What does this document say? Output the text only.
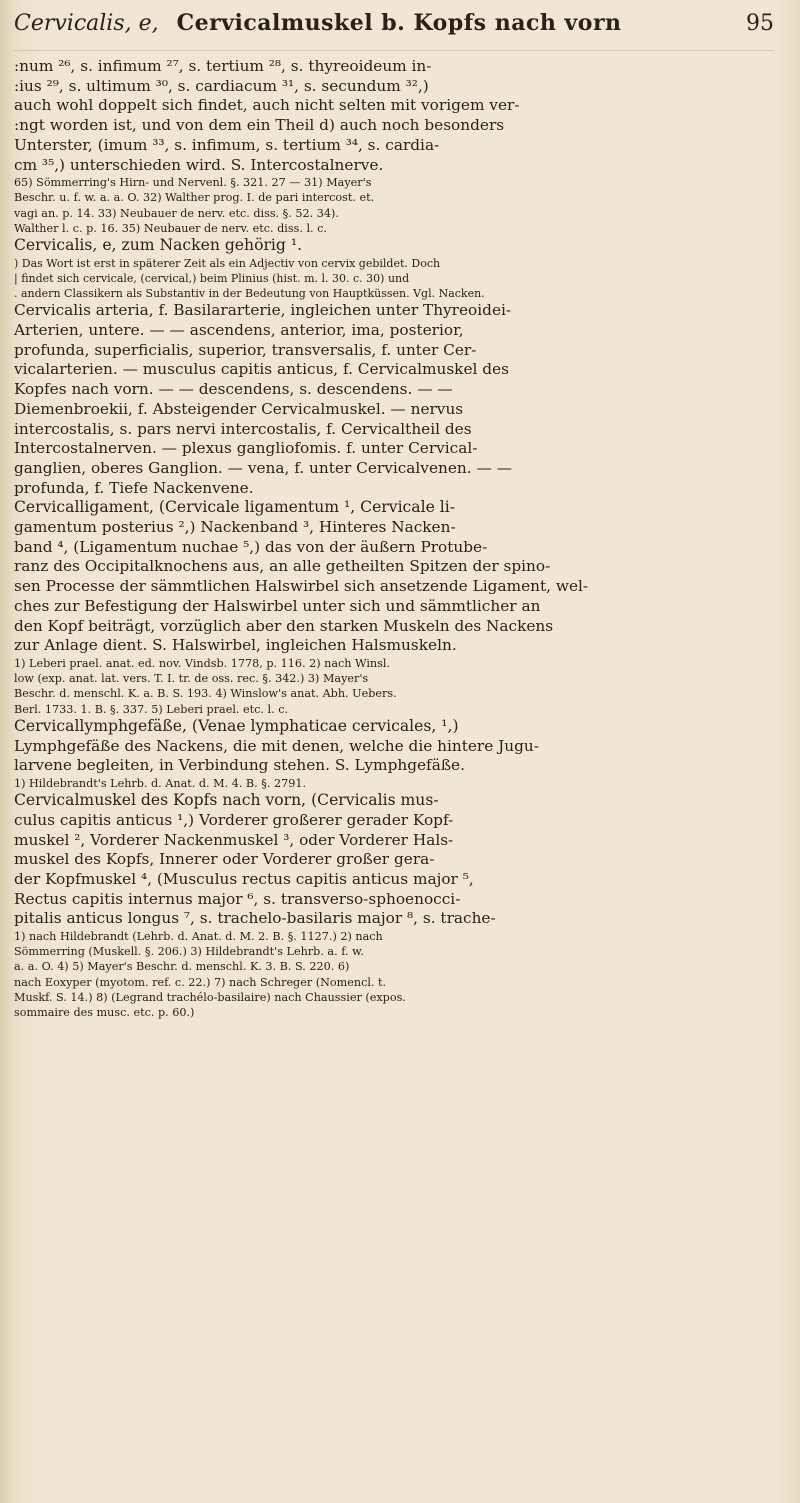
Cervicalis, e, Cervicalmuskel b. Kopfs nach vorn	95

:num ²⁶, s. infimum ²⁷, s. tertium ²⁸, s. thyreoideum in-

:ius ²⁹, s. ultimum ³⁰, s. cardiacum ³¹, s. secundum ³²,)

auch wohl doppelt sich findet, auch nicht selten mit vorigem ver-

:ngt worden ist, und von dem ein Theil d) auch noch besonders

Unterster, (imum ³³, s. infimum, s. tertium ³⁴, s. cardia-

cm ³⁵,) unterschieden wird. S. Intercostalnerve.

65) Sömmerring's Hirn- und Nervenl. §. 321. 27 — 31) Mayer's

Beschr. u. f. w. a. a. O. 32) Walther prog. I. de pari intercost. et.

vagi an. p. 14. 33) Neubauer de nerv. etc. diss. §. 52. 34).

Walther l. c. p. 16. 35) Neubauer de nerv. etc. diss. l. c.

Cervicalis, e, zum Nacken gehörig ¹.

) Das Wort ist erst in späterer Zeit als ein Adjectiv von cervix gebildet. Doch

| findet sich cervicale, (cervical,) beim Plinius (hist. m. l. 30. c. 30) und

. andern Classikern als Substantiv in der Bedeutung von Hauptküssen. Vgl. Nacken.

Cervicalis arteria, f. Basilararterie, ingleichen unter Thyreoidei-

Arterien, untere. — — ascendens, anterior, ima, posterior,

profunda, superficialis, superior, transversalis, f. unter Cer-

vicalarterien. — musculus capitis anticus, f. Cervicalmuskel des

Kopfes nach vorn. — — descendens, s. descendens. — —

Diemenbroekii, f. Absteigender Cervicalmuskel. — nervus

intercostalis, s. pars nervi intercostalis, f. Cervicaltheil des

Intercostalnerven. — plexus gangliofomis. f. unter Cervical-

ganglien, oberes Ganglion. — vena, f. unter Cervicalvenen. — —

profunda, f. Tiefe Nackenvene.

Cervicalligament, (Cervicale ligamentum ¹, Cervicale li-

gamentum posterius ²,) Nackenband ³, Hinteres Nacken-

band ⁴, (Ligamentum nuchae ⁵,) das von der äußern Protube-

ranz des Occipitalknochens aus, an alle getheilten Spitzen der spino-

sen Processe der sämmtlichen Halswirbel sich ansetzende Ligament, wel-

ches zur Befestigung der Halswirbel unter sich und sämmtlicher an

den Kopf beiträgt, vorzüglich aber den starken Muskeln des Nackens

zur Anlage dient. S. Halswirbel, ingleichen Halsmuskeln.

1) Leberi prael. anat. ed. nov. Vindsb. 1778, p. 116. 2) nach Winsl.

low (exp. anat. lat. vers. T. I. tr. de oss. rec. §. 342.) 3) Mayer's

Beschr. d. menschl. K. a. B. S. 193. 4) Winslow's anat. Abh. Uebers.

Berl. 1733. 1. B. §. 337. 5) Leberi prael. etc. l. c.

Cervicallymphgefäße, (Venae lymphaticae cervicales, ¹,)

Lymphgefäße des Nackens, die mit denen, welche die hintere Jugu-

larvene begleiten, in Verbindung stehen. S. Lymphgefäße.

1) Hildebrandt's Lehrb. d. Anat. d. M. 4. B. §. 2791.

Cervicalmuskel des Kopfs nach vorn, (Cervicalis mus-

culus capitis anticus ¹,) Vorderer großerer gerader Kopf-

muskel ², Vorderer Nackenmuskel ³, oder Vorderer Hals-

muskel des Kopfs, Innerer oder Vorderer großer gera-

der Kopfmuskel ⁴, (Musculus rectus capitis anticus major ⁵,

Rectus capitis internus major ⁶, s. transverso-sphoenocci-

pitalis anticus longus ⁷, s. trachelo-basilaris major ⁸, s. trache-

1) nach Hildebrandt (Lehrb. d. Anat. d. M. 2. B. §. 1127.) 2) nach

Sömmerring (Muskell. §. 206.) 3) Hildebrandt's Lehrb. a. f. w.

a. a. O. 4) 5) Mayer's Beschr. d. menschl. K. 3. B. S. 220. 6)

nach Eoxyper (myotom. ref. c. 22.) 7) nach Schreger (Nomencl. t.

Muskf. S. 14.) 8) (Legrand trachélo-basilaire) nach Chaussier (expos.

sommaire des musc. etc. p. 60.)
